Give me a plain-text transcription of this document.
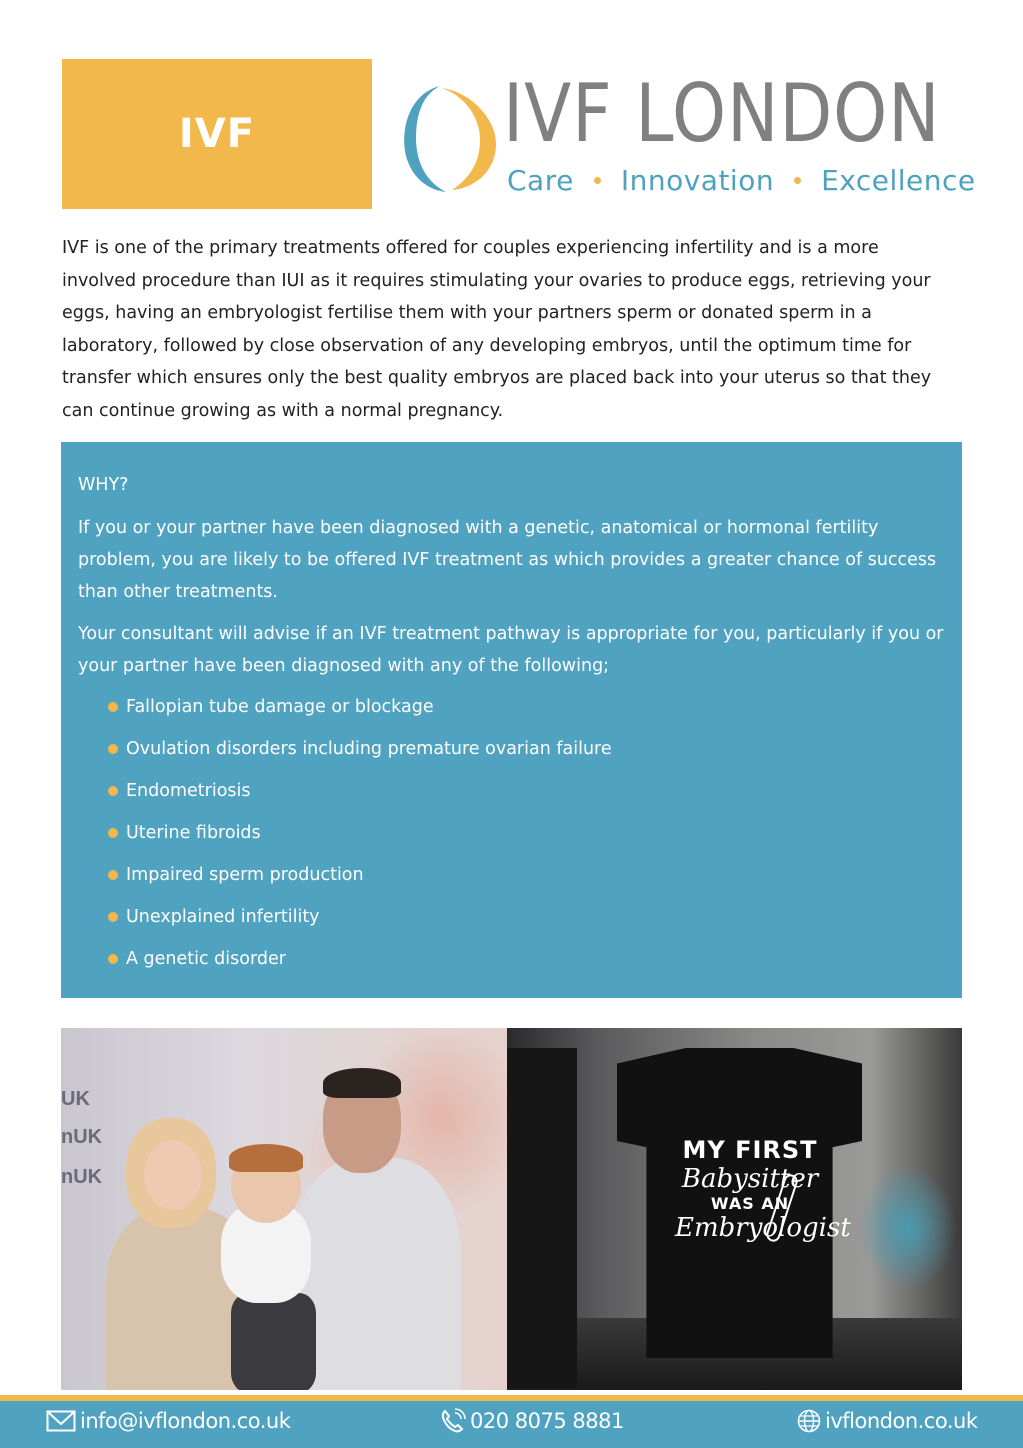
IVF	IVF LONDON
Care Innovation Excellence

IVF is one of the primary treatments offered for couples experiencing infertility and is a more involved procedure than IUI as it requires stimulating your ovaries to produce eggs, retrieving your eggs, having an embryologist fertilise them with your partners sperm or donated sperm in a laboratory, followed by close observation of any developing embryos, until the optimum time for transfer which ensures only the best quality embryos are placed back into your uterus so that they can continue growing as with a normal pregnancy.

WHY?

If you or your partner have been diagnosed with a genetic, anatomical or hormonal fertility problem, you are likely to be offered IVF treatment as which provides a greater chance of success than other treatments.

Your consultant will advise if an IVF treatment pathway is appropriate for you, particularly if you or your partner have been diagnosed with any of the following;

Fallopian tube damage or blockage
Ovulation disorders including premature ovarian failure
Endometriosis
Uterine fibroids
Impaired sperm production
Unexplained infertility
A genetic disorder
UK
nUK
nUK
MY FIRST
Babysitter
WAS AN
Embryologist
info@ivflondon.co.uk	020 8075 8881	ivflondon.co.uk
